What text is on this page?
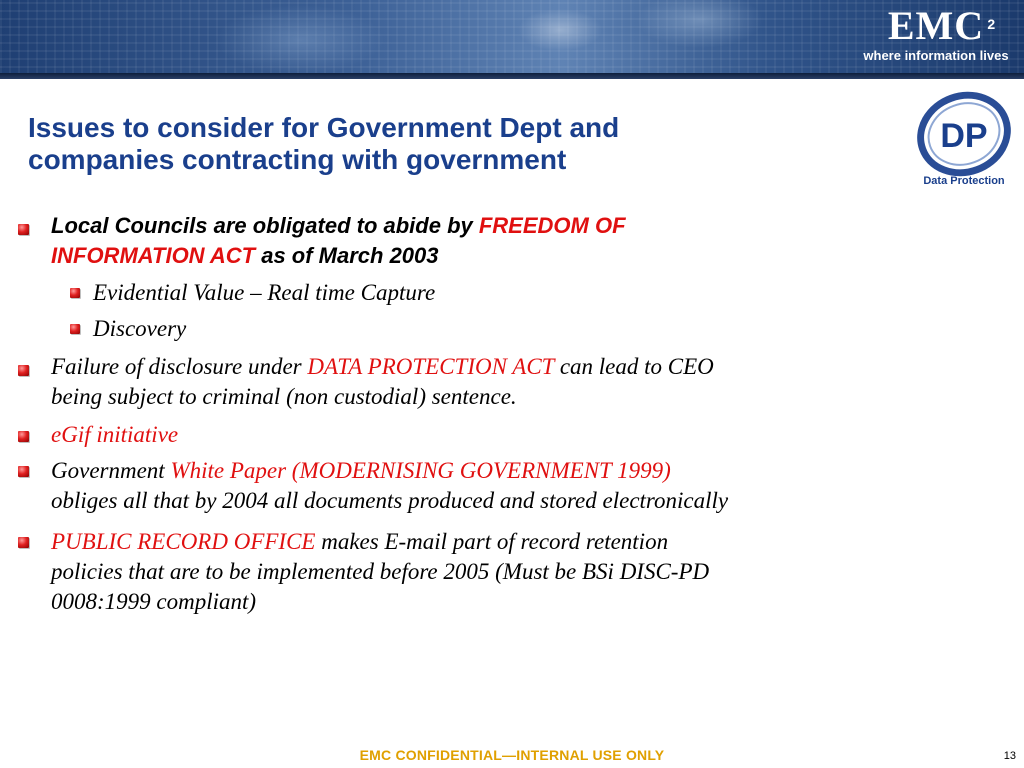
EMC 2
where information lives
Issues to consider for Government Dept and
companies contracting with government
DP
Data Protection
Local Councils are obligated to abide by FREEDOM OF
INFORMATION ACT as of March 2003
Evidential Value – Real time Capture
Discovery
Failure of disclosure under DATA PROTECTION ACT can lead to CEO
being subject to criminal (non custodial) sentence.
eGif initiative
Government White Paper (MODERNISING GOVERNMENT 1999)
obliges all that by 2004 all documents produced and stored electronically
PUBLIC RECORD OFFICE makes E-mail part of record retention
policies that are to be implemented before 2005 (Must be BSi DISC-PD
0008:1999 compliant)
EMC CONFIDENTIAL—INTERNAL USE ONLY	13
